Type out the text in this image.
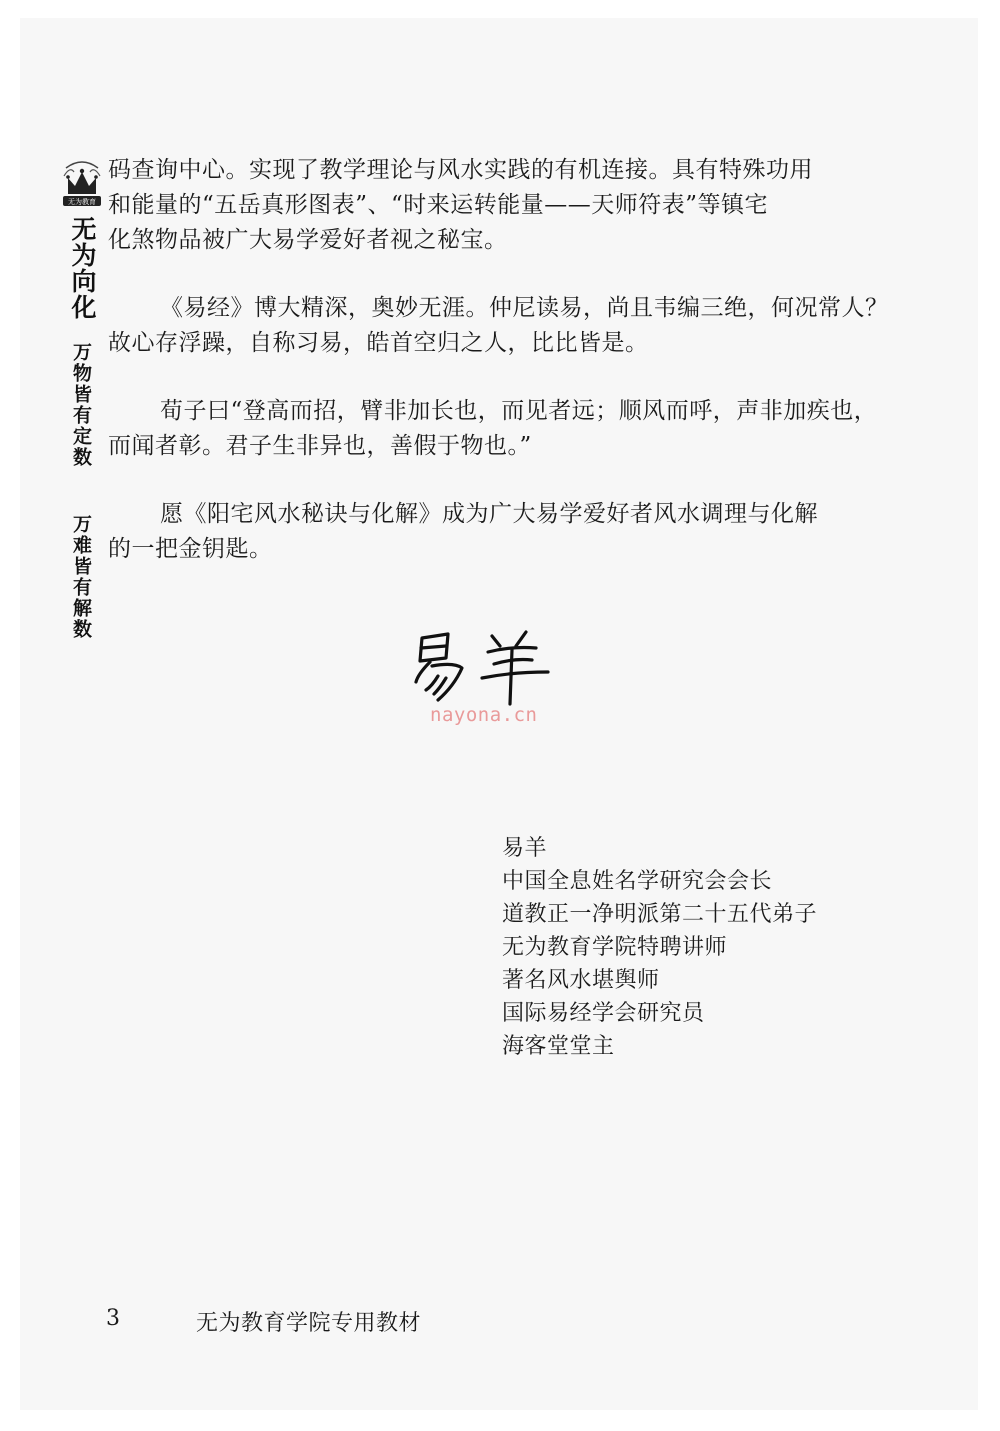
无为教育
无为向化
万物皆有定数
万难皆有解数

码查询中心。实现了教学理论与风水实践的有机连接。具有特殊功用
和能量的“五岳真形图表”、“时来运转能量——天师符表”等镇宅
化煞物品被广大易学爱好者视之秘宝。

《易经》博大精深，奥妙无涯。仲尼读易，尚且韦编三绝，何况常人？
故心存浮躁，自称习易，皓首空归之人，比比皆是。

荀子曰“登高而招，臂非加长也，而见者远；顺风而呼，声非加疾也，
而闻者彰。君子生非异也，善假于物也。”

愿《阳宅风水秘诀与化解》成为广大易学爱好者风水调理与化解
的一把金钥匙。

nayona.cn
易羊
中国全息姓名学研究会会长
道教正一净明派第二十五代弟子
无为教育学院特聘讲师
著名风水堪舆师
国际易经学会研究员
海客堂堂主
3	无为教育学院专用教材
